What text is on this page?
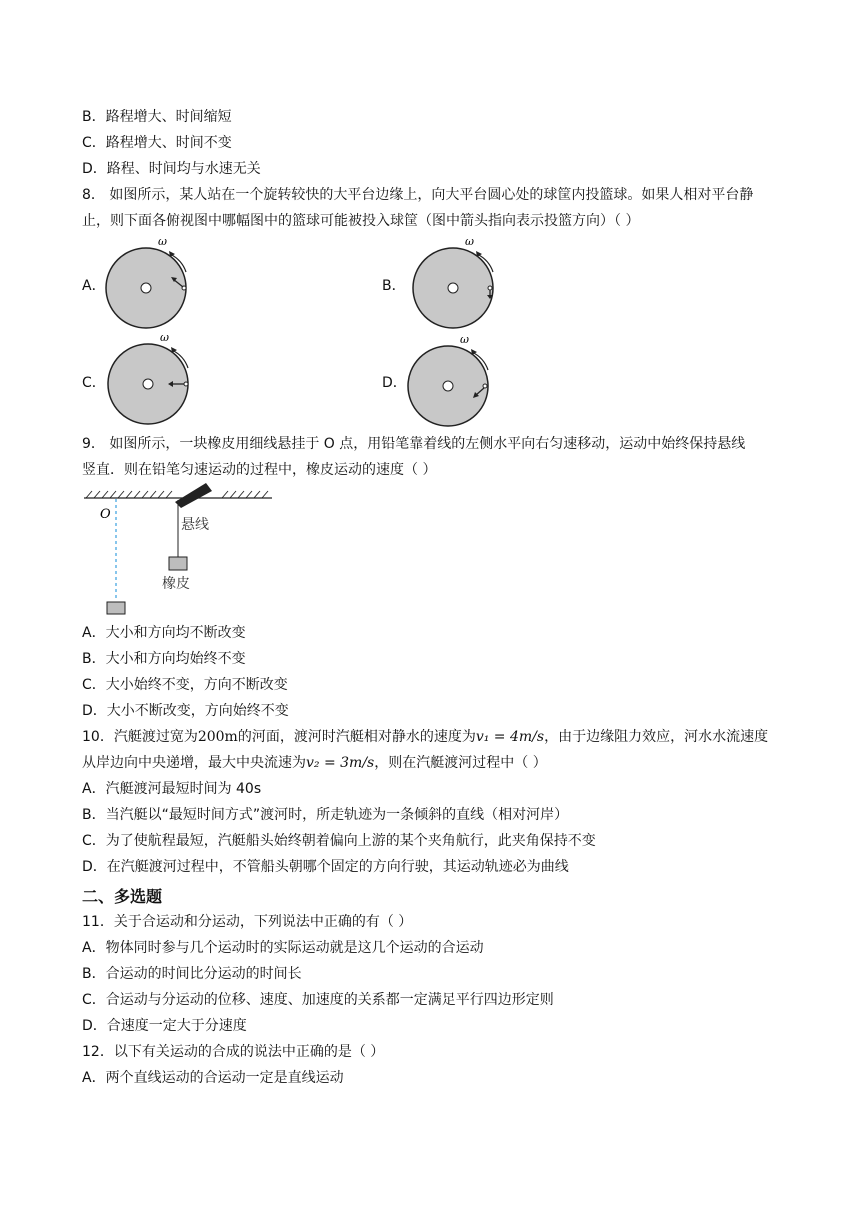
B．路程增大、时间缩短
C．路程增大、时间不变
D．路程、时间均与水速无关
8． 如图所示，某人站在一个旋转较快的大平台边缘上，向大平台圆心处的球筐内投篮球。如果人相对平台静
止，则下面各俯视图中哪幅图中的篮球可能被投入球筐（图中箭头指向表示投篮方向）（ ）
A．	B．
C．	D．
ω	ω
ω	ω
9． 如图所示，一块橡皮用细线悬挂于 O 点，用铅笔靠着线的左侧水平向右匀速移动，运动中始终保持悬线
竖直．则在铅笔匀速运动的过程中，橡皮运动的速度（ ）
O
悬线
橡皮
A．大小和方向均不断改变
B．大小和方向均始终不变
C．大小始终不变，方向不断改变
D．大小不断改变，方向始终不变
10．汽艇渡过宽为200m的河面，渡河时汽艇相对静水的速度为v₁ = 4m/s，由于边缘阻力效应，河水水流速度
从岸边向中央递增，最大中央流速为v₂ = 3m/s，则在汽艇渡河过程中（ ）
A．汽艇渡河最短时间为 40s
B．当汽艇以“最短时间方式”渡河时，所走轨迹为一条倾斜的直线（相对河岸）
C．为了使航程最短，汽艇船头始终朝着偏向上游的某个夹角航行，此夹角保持不变
D．在汽艇渡河过程中，不管船头朝哪个固定的方向行驶，其运动轨迹必为曲线
二、多选题
11．关于合运动和分运动，下列说法中正确的有（ ）
A．物体同时参与几个运动时的实际运动就是这几个运动的合运动
B．合运动的时间比分运动的时间长
C．合运动与分运动的位移、速度、加速度的关系都一定满足平行四边形定则
D．合速度一定大于分速度
12．以下有关运动的合成的说法中正确的是（ ）
A．两个直线运动的合运动一定是直线运动
